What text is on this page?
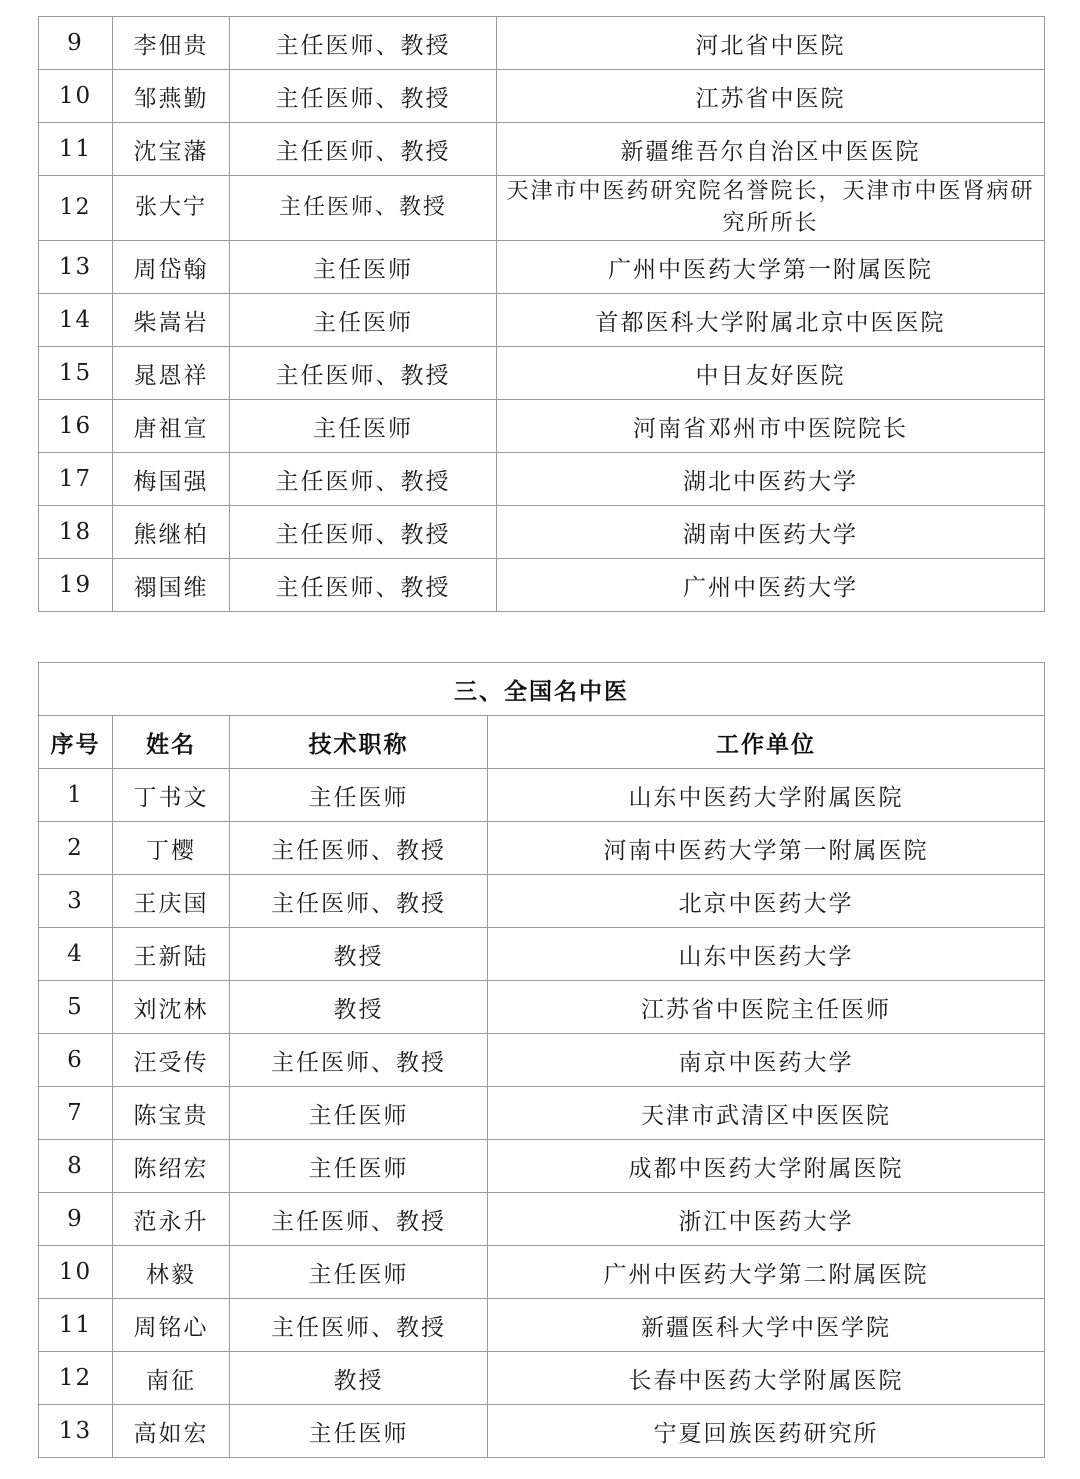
9	李佃贵	主任医师、教授	河北省中医院
10	邹燕勤	主任医师、教授	江苏省中医院
11	沈宝藩	主任医师、教授	新疆维吾尔自治区中医医院
12	张大宁	主任医师、教授	天津市中医药研究院名誉院长，天津市中医肾病研究所所长
13	周岱翰	主任医师	广州中医药大学第一附属医院
14	柴嵩岩	主任医师	首都医科大学附属北京中医医院
15	晁恩祥	主任医师、教授	中日友好医院
16	唐祖宣	主任医师	河南省邓州市中医院院长
17	梅国强	主任医师、教授	湖北中医药大学
18	熊继柏	主任医师、教授	湖南中医药大学
19	禤国维	主任医师、教授	广州中医药大学
三、全国名中医			
序号	姓名	技术职称	工作单位
1	丁书文	主任医师	山东中医药大学附属医院
2	丁樱	主任医师、教授	河南中医药大学第一附属医院
3	王庆国	主任医师、教授	北京中医药大学
4	王新陆	教授	山东中医药大学
5	刘沈林	教授	江苏省中医院主任医师
6	汪受传	主任医师、教授	南京中医药大学
7	陈宝贵	主任医师	天津市武清区中医医院
8	陈绍宏	主任医师	成都中医药大学附属医院
9	范永升	主任医师、教授	浙江中医药大学
10	林毅	主任医师	广州中医药大学第二附属医院
11	周铭心	主任医师、教授	新疆医科大学中医学院
12	南征	教授	长春中医药大学附属医院
13	高如宏	主任医师	宁夏回族医药研究所
